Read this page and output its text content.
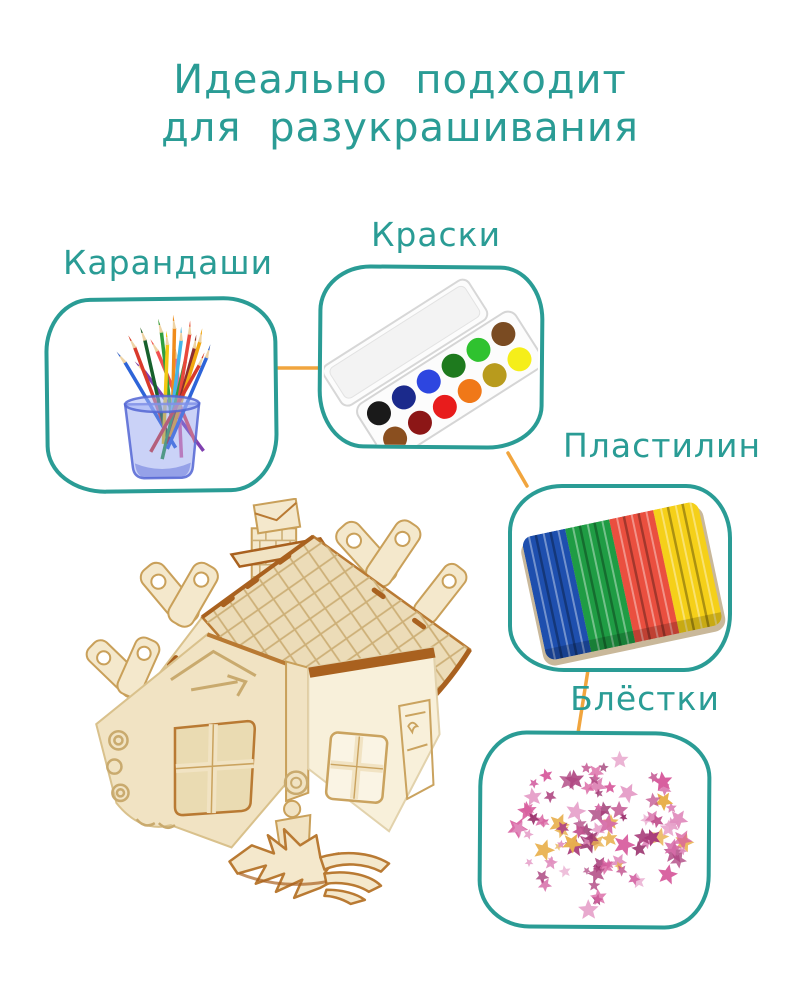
Идеально подходит
для разукрашивания
Карандаши
Краски
Пластилин
Блёстки
